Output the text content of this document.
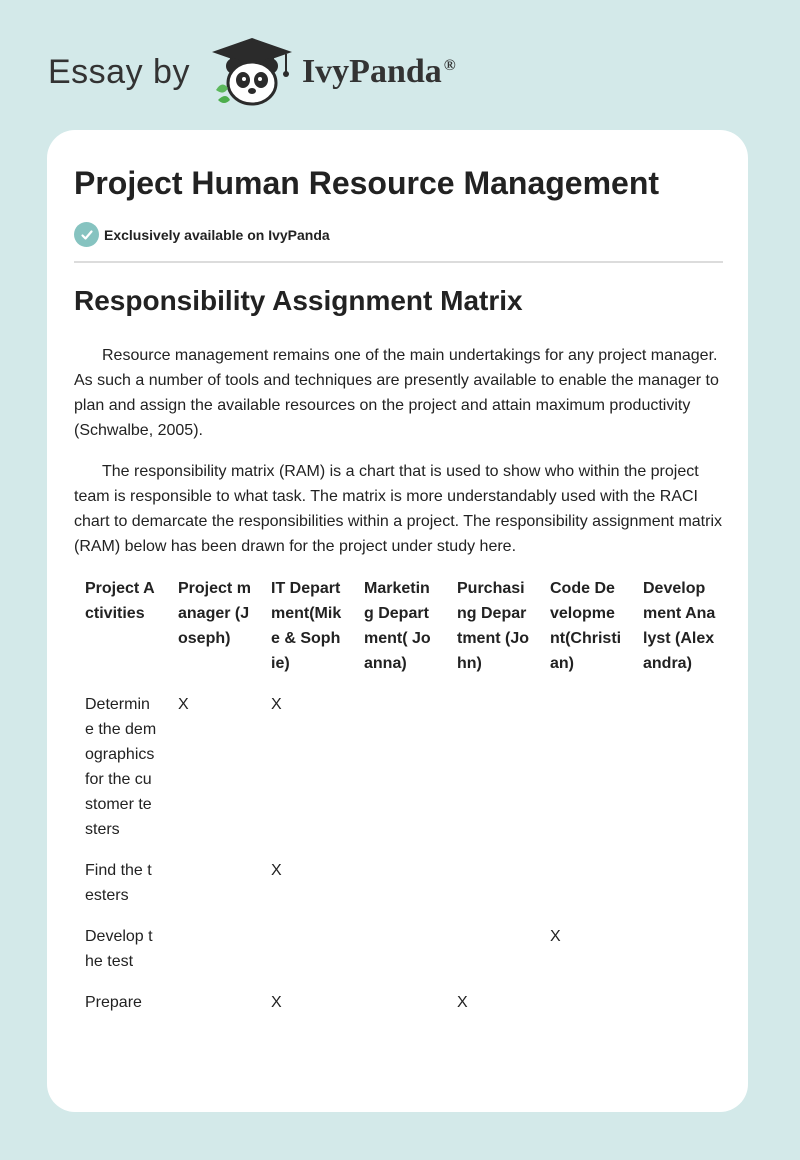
Essay by	IvyPanda ®
Project Human Resource Management
Exclusively available on IvyPanda
Responsibility Assignment Matrix

Resource management remains one of the main undertakings for any project manager. As such a number of tools and techniques are presently available to enable the manager to plan and assign the available resources on the project and attain maximum productivity (Schwalbe, 2005).

The responsibility matrix (RAM) is a chart that is used to show who within the project team is responsible to what task. The matrix is more understandably used with the RACI chart to demarcate the responsibilities within a project. The responsibility assignment matrix (RAM) below has been drawn for the project under study here.

Project Activities	Project manager (Joseph)	IT Department(Mike & Sophie)	Marketing Department( Joanna)	Purchasing Department (John)	Code Development(Christian)	Development Analyst (Alexandra)
Determine the demographics for the customer testers	X	X				
Find the testers		X				
Develop the test					X	
Prepare		X		X		
